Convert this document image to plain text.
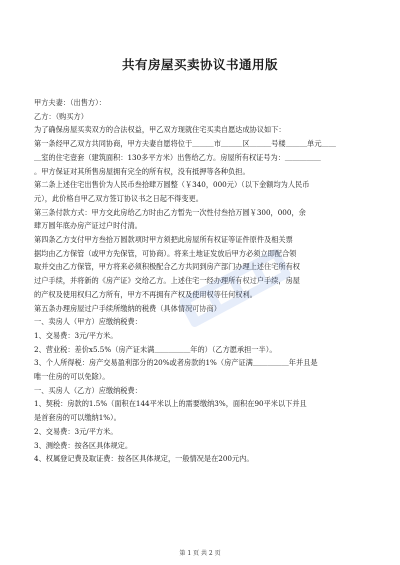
共有房屋买卖协议书通用版
甲方夫妻：（出售方）：
乙方：（购买方）
为了确保房屋买卖双方的合法权益，甲乙双方现就住宅买卖自愿达成协议如下：
第一条经甲乙双方共同协商，甲方夫妻自愿将位于＿＿＿市＿＿＿区＿＿＿号楼＿＿＿单元＿＿
＿室的住宅壹套（建筑面积：130多平方米）出售给乙方。房屋所有权证号为：＿＿＿＿＿
。甲方保证对其所售房屋拥有完全的所有权，没有抵押等各种负担。
第二条上述住宅出售价为人民币叁拾肆万圆整（￥340，000元）（以下金额均为人民币
元），此价格自甲乙双方签订协议书之日起不得变更。
第三条付款方式：甲方交此房给乙方时由乙方暂先一次性付叁拾万圆￥300，000，余
肆万圆年底办房产证过户时付清。
第四条乙方支付甲方叁拾万圆款项时甲方须把此房屋所有权证等证件原件及相关票
据均由乙方保管（或甲方先保管，可协商）。将来土地证发放后甲方必须立即配合领
取并交由乙方保管，甲方将来必须积极配合乙方共同到房产部门办理上述住宅所有权
过户手续，并将新的《房产证》交给乙方。上述住宅一经办理所有权过户手续，房屋
的产权及使用权归乙方所有，甲方不再拥有产权及使用权等任何权利。
第五条办理房屋过户手续所缴纳的税费（具体情况可协商）
一、卖房人（甲方）应缴纳税费：
1、交易费：3元/平方米。
2、营业税：差价x5.5%（房产证未满＿＿＿＿＿年的）（乙方愿承担一半）。
3、个人所得税：房产交易盈利部分的20%或者房款的1%（房产证满＿＿＿＿＿年并且是
唯一住房的可以免除）。
一、买房人（乙方）应缴纳税费：
1、契税：房款的1.5%（面积在144平米以上的需要缴纳3%，面积在90平米以下并且
是首套房的可以缴纳1%）。
2、交易费：3元/平方米。
3、测绘费：按各区具体规定。
4、权属登记费及取证费：按各区具体规定，一般情况是在200元内。
第 1 页 共 2 页
